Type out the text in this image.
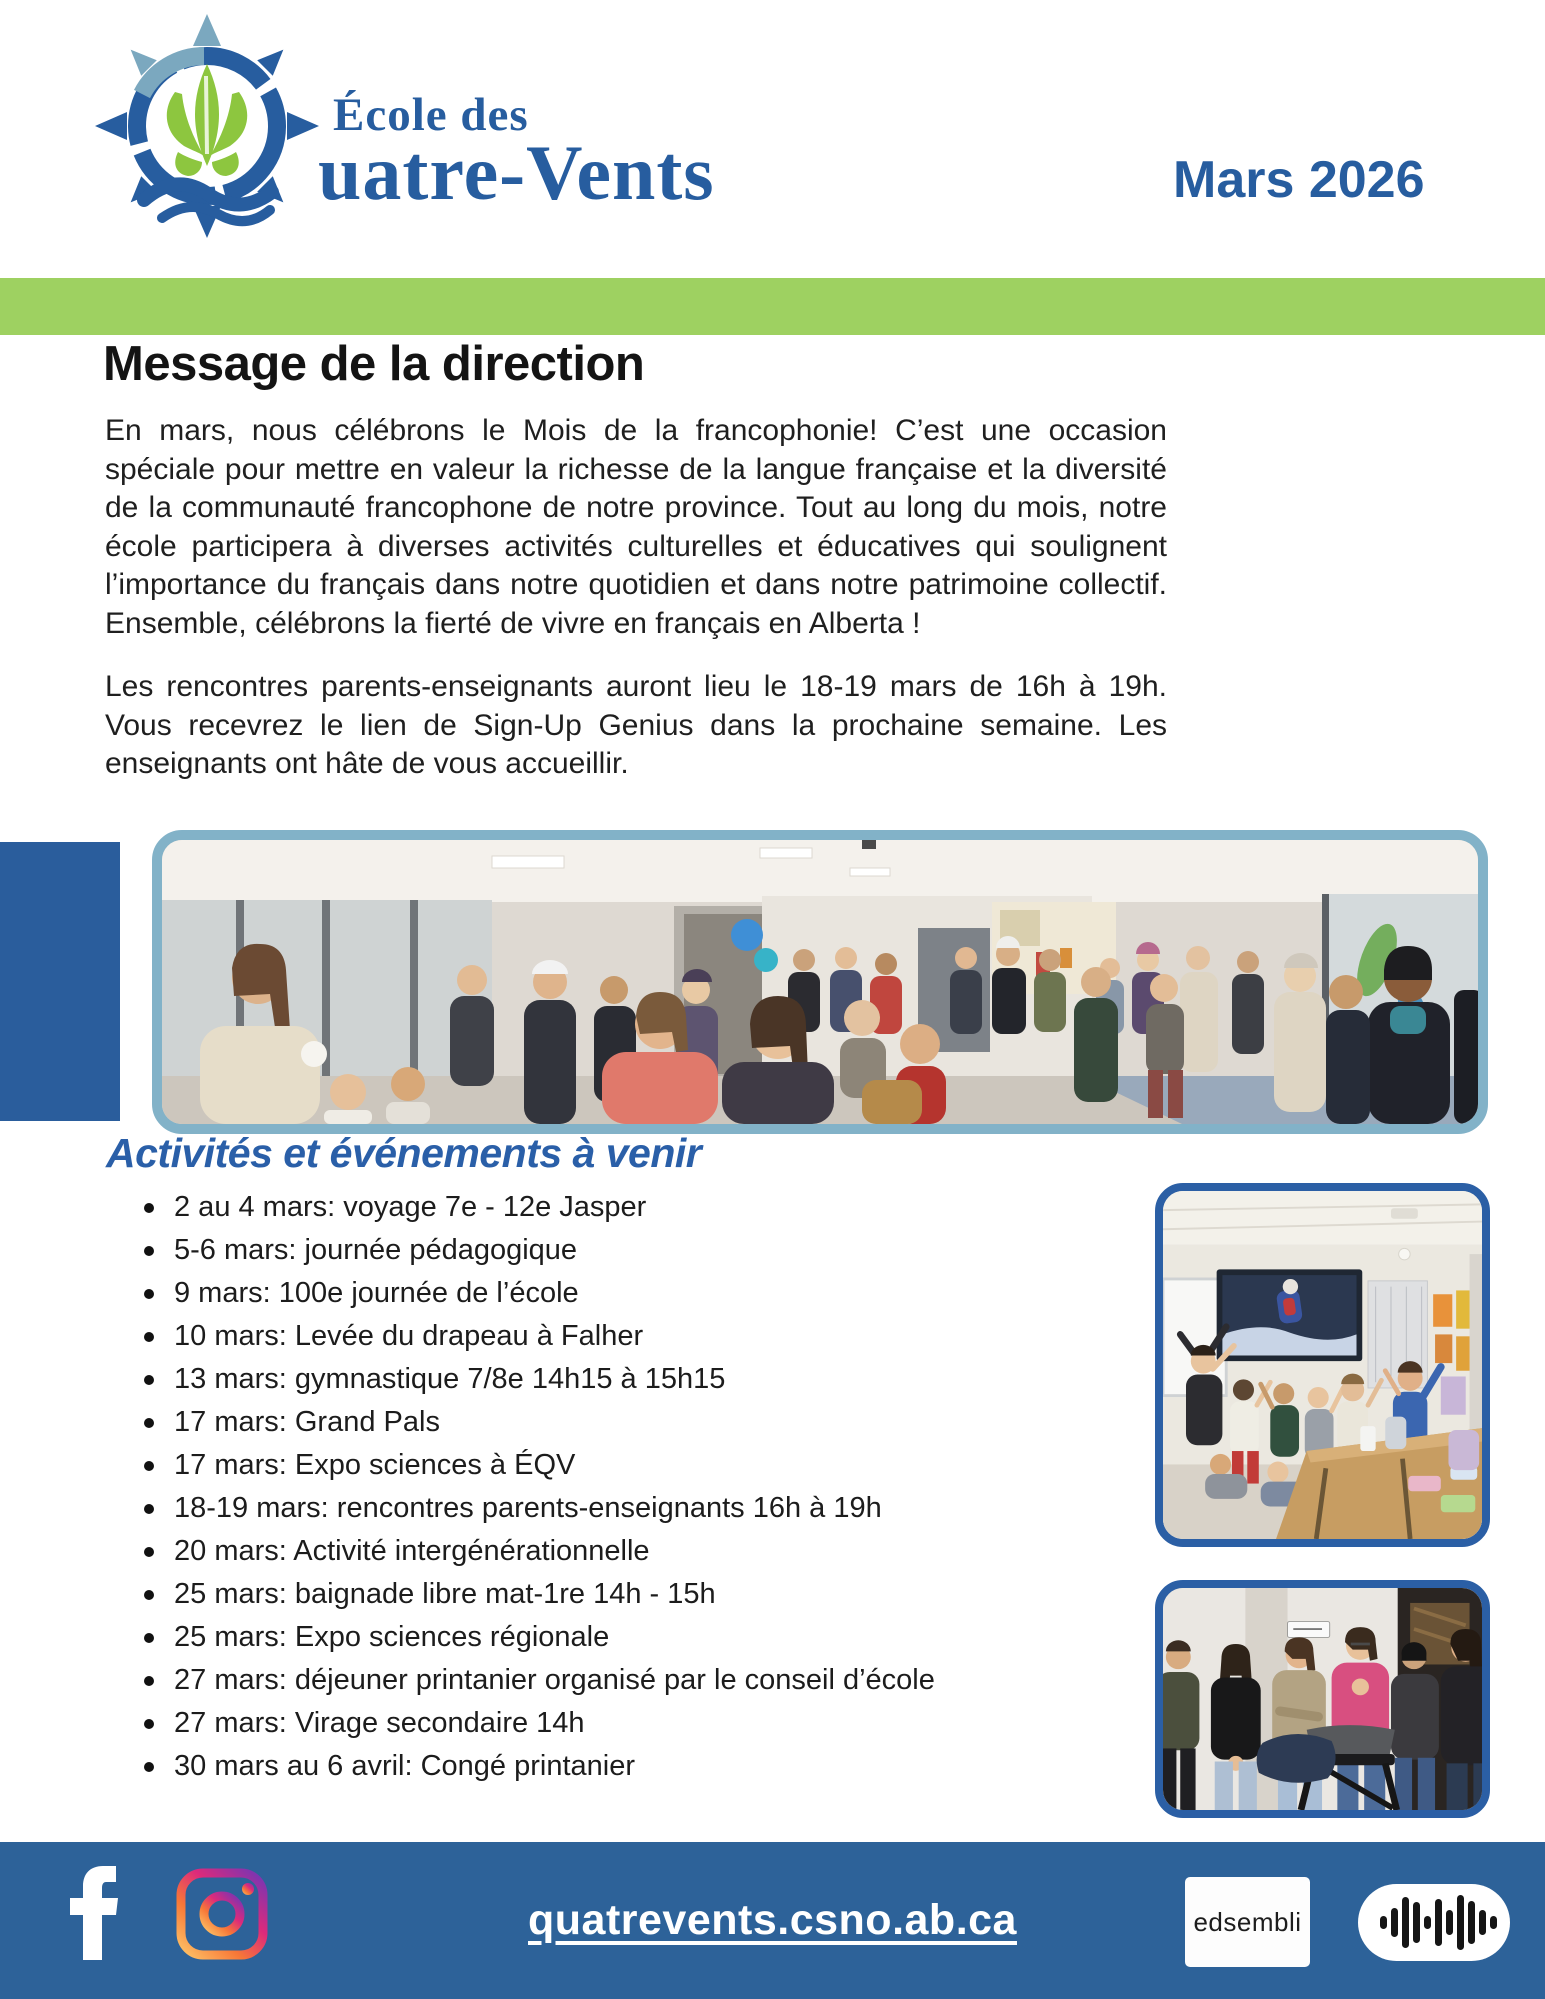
École des
uatre-Vents	Mars 2026
Message de la direction
En mars, nous célébrons le Mois de la francophonie! C’est une occasion spéciale pour mettre en valeur la richesse de la langue française et la diversité de la communauté francophone de notre province. Tout au long du mois, notre école participera à diverses activités culturelles et éducatives qui soulignent l’importance du français dans notre quotidien et dans notre patrimoine collectif. Ensemble, célébrons la fierté de vivre en français en Alberta !
Les rencontres parents-enseignants auront lieu le 18-19 mars de 16h à 19h. Vous recevrez le lien de Sign-Up Genius dans la prochaine semaine. Les enseignants ont hâte de vous accueillir.
Activités et événements à venir
2 au 4 mars: voyage 7e - 12e Jasper
5-6 mars: journée pédagogique
9 mars: 100e journée de l’école
10 mars: Levée du drapeau à Falher
13 mars: gymnastique 7/8e 14h15 à 15h15
17 mars: Grand Pals
17 mars: Expo sciences à ÉQV
18-19 mars: rencontres parents-enseignants 16h à 19h
20 mars: Activité intergénérationnelle
25 mars: baignade libre mat-1re 14h - 15h
25 mars: Expo sciences régionale
27 mars: déjeuner printanier organisé par le conseil d’école
27 mars: Virage secondaire 14h
30 mars au 6 avril: Congé printanier
quatrevents.csno.ab.ca	edsembli
